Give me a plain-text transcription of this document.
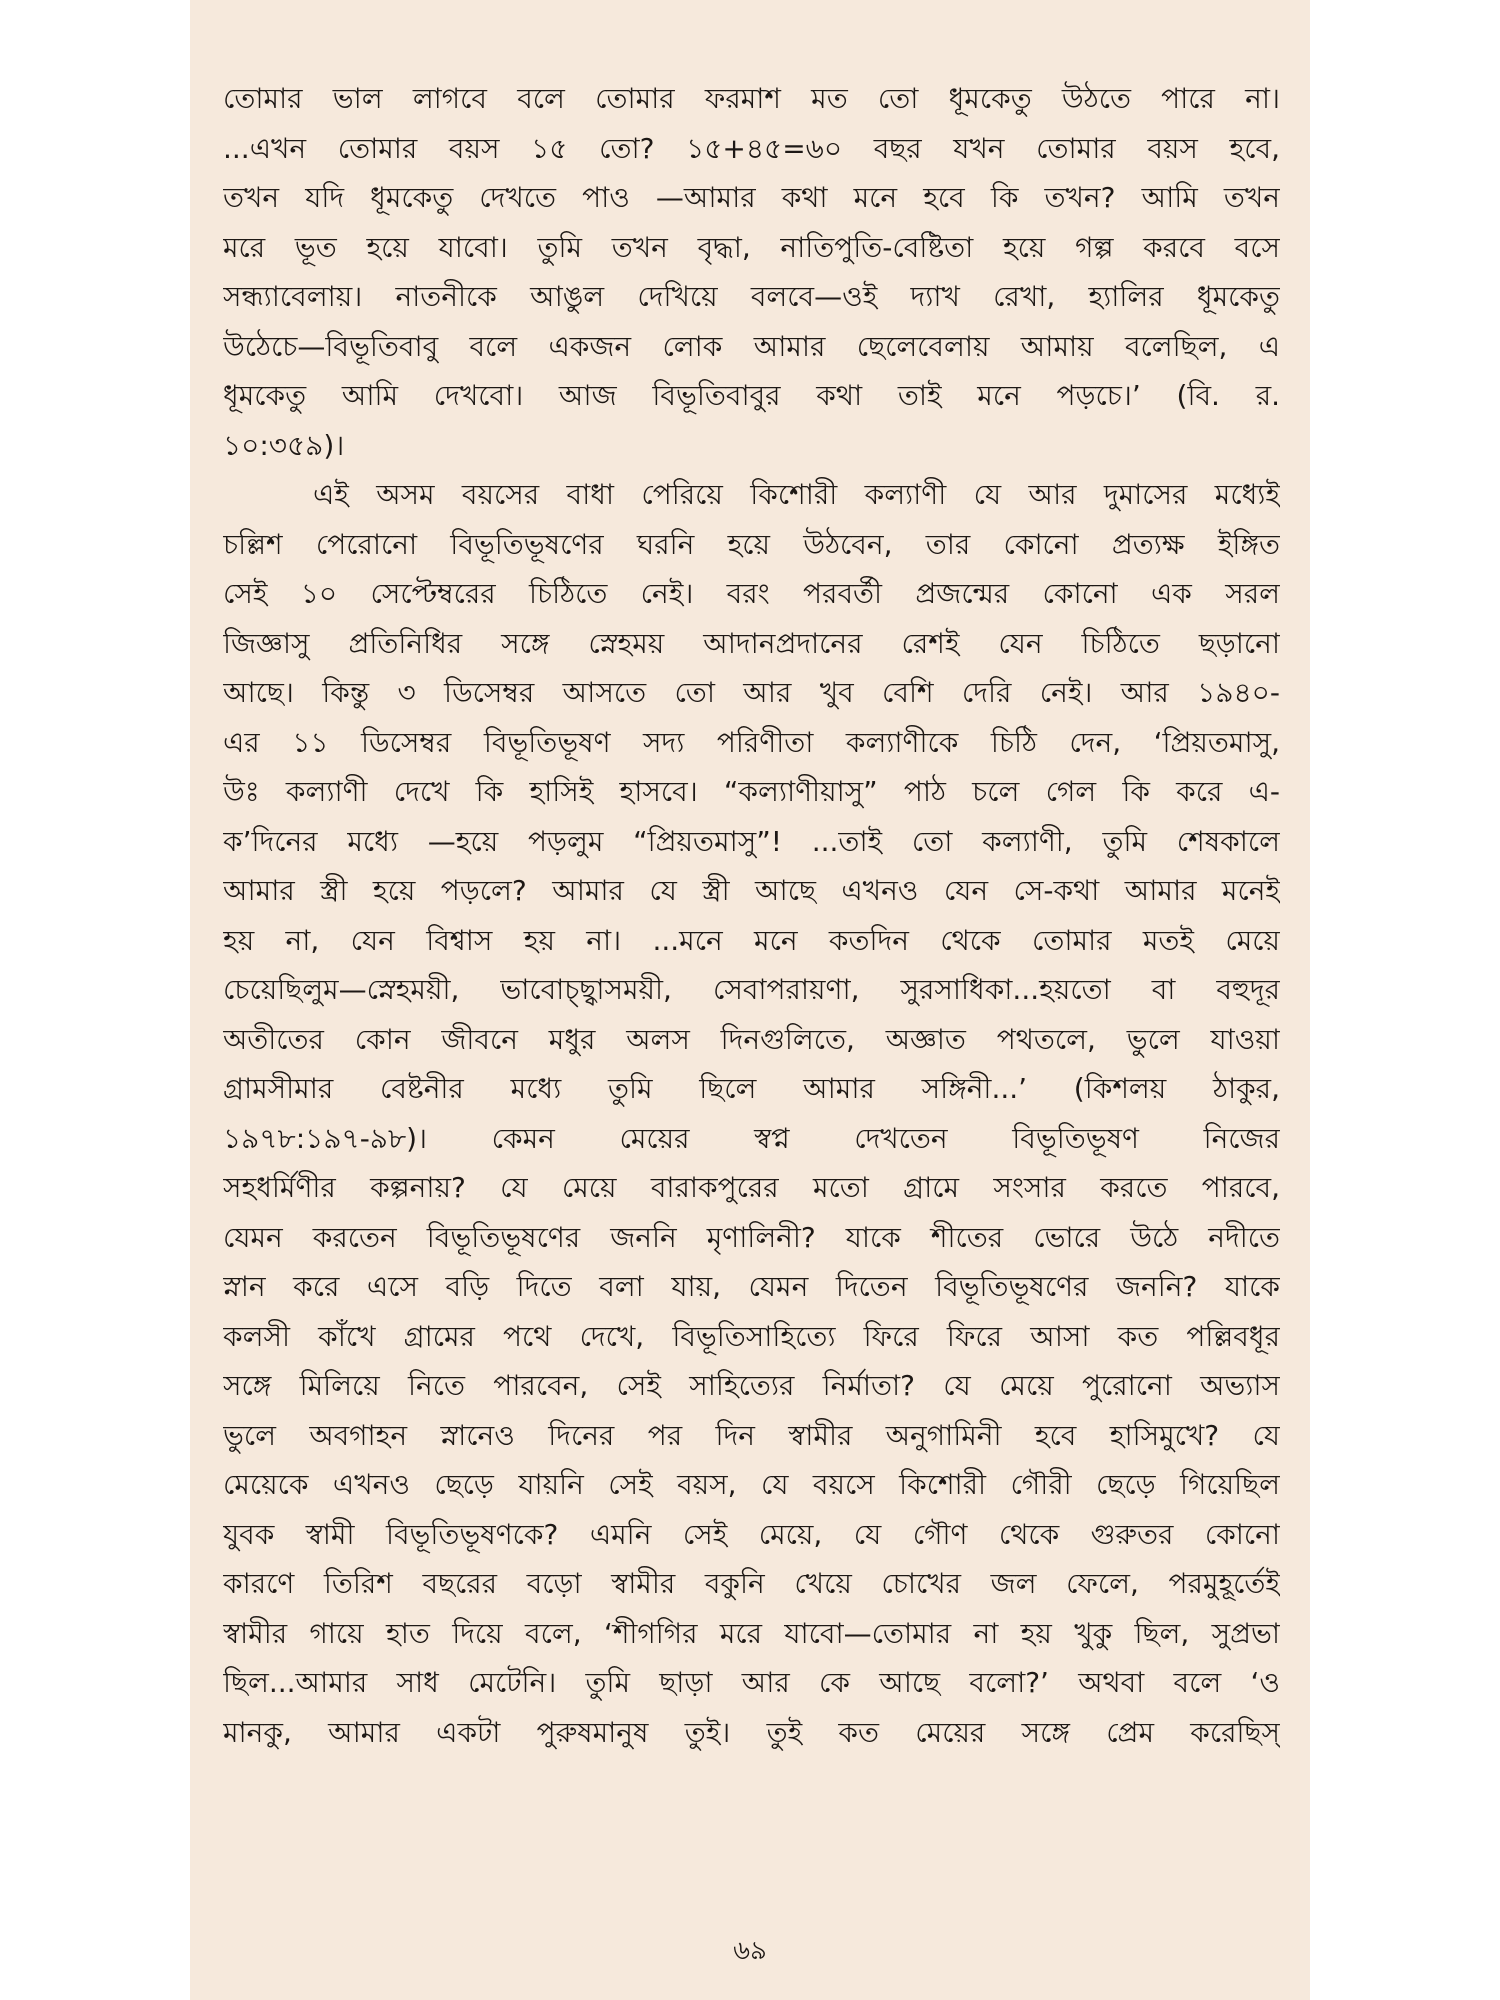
তোমার ভাল লাগবে বলে তোমার ফরমাশ মত তো ধূমকেতু উঠতে পারে না।
...এখন তোমার বয়স ১৫ তো? ১৫+৪৫=৬০ বছর যখন তোমার বয়স হবে,
তখন যদি ধূমকেতু দেখতে পাও —আমার কথা মনে হবে কি তখন? আমি তখন
মরে ভূত হয়ে যাবো। তুমি তখন বৃদ্ধা, নাতিপুতি-বেষ্টিতা হয়ে গল্প করবে বসে
সন্ধ্যাবেলায়। নাতনীকে আঙুল দেখিয়ে বলবে—ওই দ্যাখ রেখা, হ্যালির ধূমকেতু
উঠেচে—বিভূতিবাবু বলে একজন লোক আমার ছেলেবেলায় আমায় বলেছিল, এ
ধূমকেতু আমি দেখবো। আজ বিভূতিবাবুর কথা তাই মনে পড়চে।’ (বি. র.
১০:৩৫৯)।
এই অসম বয়সের বাধা পেরিয়ে কিশোরী কল্যাণী যে আর দুমাসের মধ্যেই
চল্লিশ পেরোনো বিভূতিভূষণের ঘরনি হয়ে উঠবেন, তার কোনো প্রত্যক্ষ ইঙ্গিত
সেই ১০ সেপ্টেম্বরের চিঠিতে নেই। বরং পরবর্তী প্রজন্মের কোনো এক সরল
জিজ্ঞাসু প্রতিনিধির সঙ্গে স্নেহময় আদানপ্রদানের রেশই যেন চিঠিতে ছড়ানো
আছে। কিন্তু ৩ ডিসেম্বর আসতে তো আর খুব বেশি দেরি নেই। আর ১৯৪০-
এর ১১ ডিসেম্বর বিভূতিভূষণ সদ্য পরিণীতা কল্যাণীকে চিঠি দেন, ‘প্রিয়তমাসু,
উঃ কল্যাণী দেখে কি হাসিই হাসবে। “কল্যাণীয়াসু” পাঠ চলে গেল কি করে এ-
ক’দিনের মধ্যে —হয়ে পড়লুম “প্রিয়তমাসু”! ...তাই তো কল্যাণী, তুমি শেষকালে
আমার স্ত্রী হয়ে পড়লে? আমার যে স্ত্রী আছে এখনও যেন সে-কথা আমার মনেই
হয় না, যেন বিশ্বাস হয় না। ...মনে মনে কতদিন থেকে তোমার মতই মেয়ে
চেয়েছিলুম—স্নেহময়ী, ভাবোচ্ছ্বাসময়ী, সেবাপরায়ণা, সুরসাধিকা...হয়তো বা বহুদূর
অতীতের কোন জীবনে মধুর অলস দিনগুলিতে, অজ্ঞাত পথতলে, ভুলে যাওয়া
গ্রামসীমার বেষ্টনীর মধ্যে তুমি ছিলে আমার সঙ্গিনী...’ (কিশলয় ঠাকুর,
১৯৭৮:১৯৭-৯৮)। কেমন মেয়ের স্বপ্ন দেখতেন বিভূতিভূষণ নিজের
সহধর্মিণীর কল্পনায়? যে মেয়ে বারাকপুরের মতো গ্রামে সংসার করতে পারবে,
যেমন করতেন বিভূতিভূষণের জননি মৃণালিনী? যাকে শীতের ভোরে উঠে নদীতে
স্নান করে এসে বড়ি দিতে বলা যায়, যেমন দিতেন বিভূতিভূষণের জননি? যাকে
কলসী কাঁখে গ্রামের পথে দেখে, বিভূতিসাহিত্যে ফিরে ফিরে আসা কত পল্লিবধূর
সঙ্গে মিলিয়ে নিতে পারবেন, সেই সাহিত্যের নির্মাতা? যে মেয়ে পুরোনো অভ্যাস
ভুলে অবগাহন স্নানেও দিনের পর দিন স্বামীর অনুগামিনী হবে হাসিমুখে? যে
মেয়েকে এখনও ছেড়ে যায়নি সেই বয়স, যে বয়সে কিশোরী গৌরী ছেড়ে গিয়েছিল
যুবক স্বামী বিভূতিভূষণকে? এমনি সেই মেয়ে, যে গৌণ থেকে গুরুতর কোনো
কারণে তিরিশ বছরের বড়ো স্বামীর বকুনি খেয়ে চোখের জল ফেলে, পরমুহূর্তেই
স্বামীর গায়ে হাত দিয়ে বলে, ‘শীগগির মরে যাবো—তোমার না হয় খুকু ছিল, সুপ্রভা
ছিল...আমার সাধ মেটেনি। তুমি ছাড়া আর কে আছে বলো?’ অথবা বলে ‘ও
মানকু, আমার একটা পুরুষমানুষ তুই। তুই কত মেয়ের সঙ্গে প্রেম করেছিস্
৬৯
